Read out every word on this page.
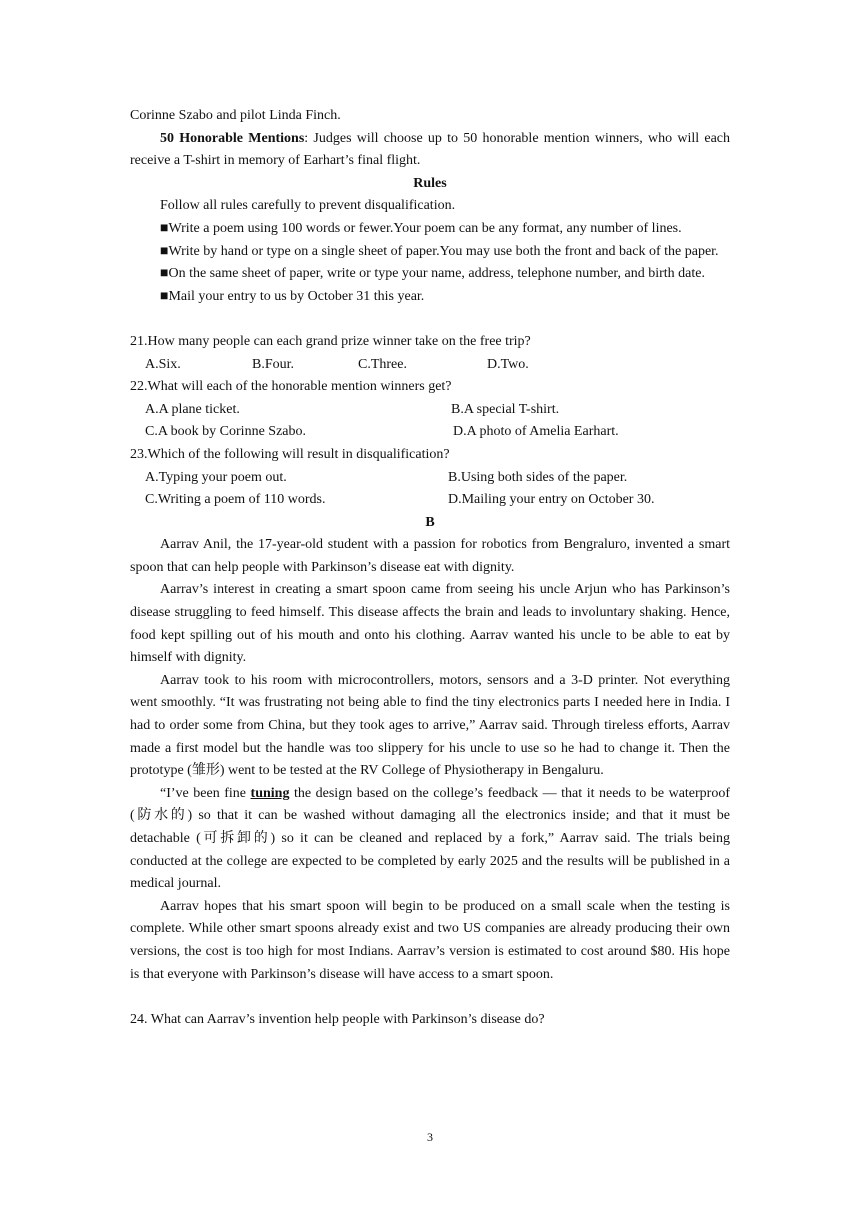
Corinne Szabo and pilot Linda Finch.

50 Honorable Mentions: Judges will choose up to 50 honorable mention winners, who will each receive a T-shirt in memory of Earhart’s final flight.

Rules

Follow all rules carefully to prevent disqualification.

■Write a poem using 100 words or fewer.Your poem can be any format, any number of lines.

■Write by hand or type on a single sheet of paper.You may use both the front and back of the paper.

■On the same sheet of paper, write or type your name, address, telephone number, and birth date.

■Mail your entry to us by October 31 this year.

21.How many people can each grand prize winner take on the free trip?

A.Six.	B.Four.	C.Three.	D.Two.

22.What will each of the honorable mention winners get?

A.A plane ticket.	B.A special T-shirt.
C.A book by Corinne Szabo.	D.A photo of Amelia Earhart.

23.Which of the following will result in disqualification?

A.Typing your poem out.	B.Using both sides of the paper.
C.Writing a poem of 110 words.	D.Mailing your entry on October 30.

B

Aarrav Anil, the 17-year-old student with a passion for robotics from Bengraluro, invented a smart spoon that can help people with Parkinson’s disease eat with dignity.

Aarrav’s interest in creating a smart spoon came from seeing his uncle Arjun who has Parkinson’s disease struggling to feed himself. This disease affects the brain and leads to involuntary shaking. Hence, food kept spilling out of his mouth and onto his clothing. Aarrav wanted his uncle to be able to eat by himself with dignity.

Aarrav took to his room with microcontrollers, motors, sensors and a 3-D printer. Not everything went smoothly. “It was frustrating not being able to find the tiny electronics parts I needed here in India. I had to order some from China, but they took ages to arrive,” Aarrav said. Through tireless efforts, Aarrav made a first model but the handle was too slippery for his uncle to use so he had to change it. Then the prototype (雏形) went to be tested at the RV College of Physiotherapy in Bengaluru.

“I’ve been fine tuning the design based on the college’s feedback — that it needs to be waterproof (防水的) so that it can be washed without damaging all the electronics inside; and that it must be detachable (可拆卸的) so it can be cleaned and replaced by a fork,” Aarrav said. The trials being conducted at the college are expected to be completed by early 2025 and the results will be published in a medical journal.

Aarrav hopes that his smart spoon will begin to be produced on a small scale when the testing is complete. While other smart spoons already exist and two US companies are already producing their own versions, the cost is too high for most Indians. Aarrav’s version is estimated to cost around $80. His hope is that everyone with Parkinson’s disease will have access to a smart spoon.

24. What can Aarrav’s invention help people with Parkinson’s disease do?

3
